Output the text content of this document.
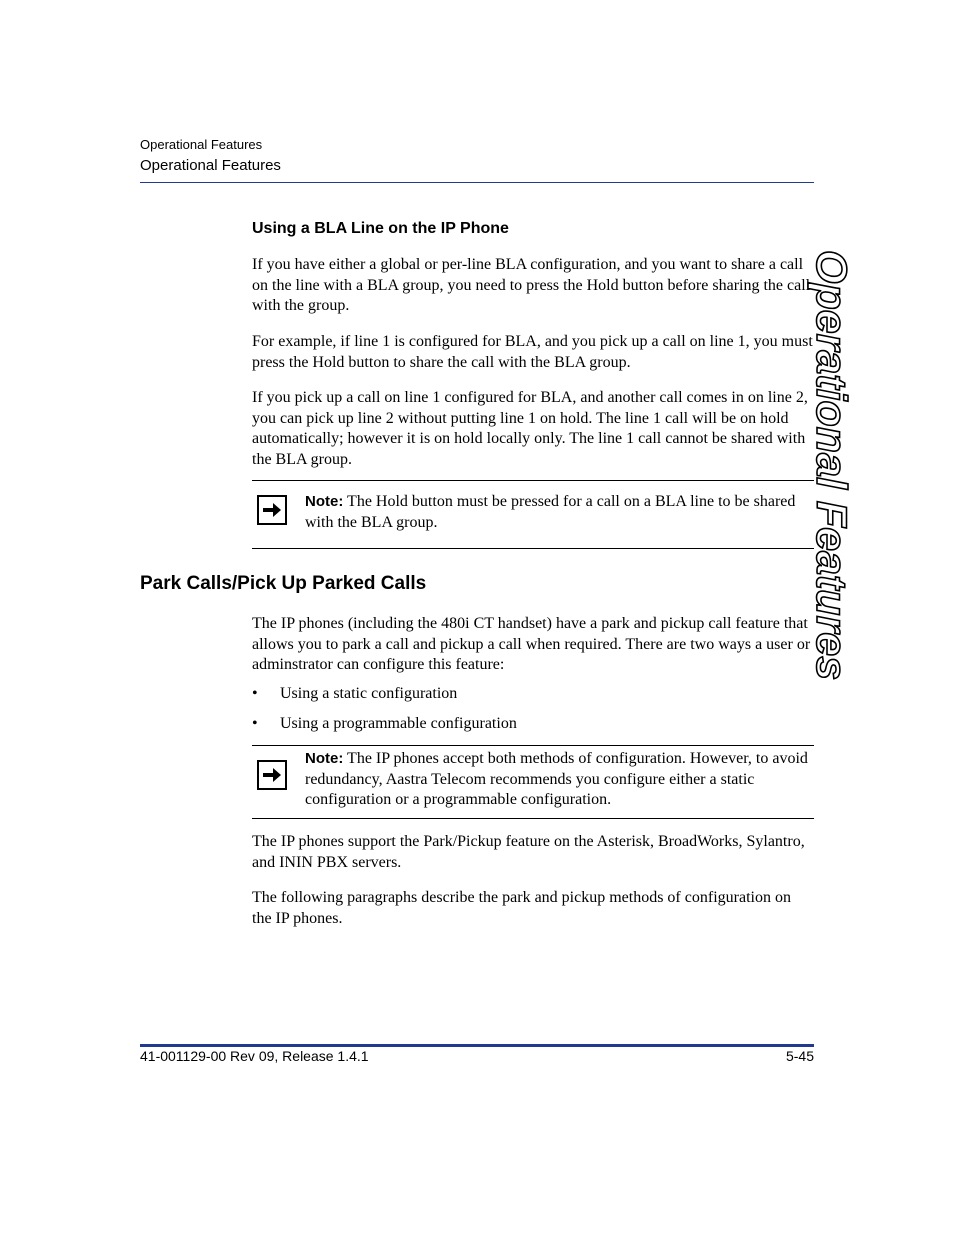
Operational Features
Operational Features
Operational Features
Using a BLA Line on the IP Phone

If you have either a global or per-line BLA configuration, and you want to share a call on the line with a BLA group, you need to press the Hold button before sharing the call with the group.

For example, if line 1 is configured for BLA, and you pick up a call on line 1, you must press the Hold button to share the call with the BLA group.

If you pick up a call on line 1 configured for BLA, and another call comes in on line 2, you can pick up line 2 without putting line 1 on hold. The line 1 call will be on hold automatically; however it is on hold locally only. The line 1 call cannot be shared with the BLA group.

Note: The Hold button must be pressed for a call on a BLA line to be shared with the BLA group.

Park Calls/Pick Up Parked Calls

The IP phones (including the 480i CT handset) have a park and pickup call feature that allows you to park a call and pickup a call when required. There are two ways a user or adminstrator can configure this feature:

• Using a static configuration
• Using a programmable configuration

Note: The IP phones accept both methods of configuration. However, to avoid redundancy, Aastra Telecom recommends you configure either a static configuration or a programmable configuration.

The IP phones support the Park/Pickup feature on the Asterisk, BroadWorks, Sylantro, and ININ PBX servers.

The following paragraphs describe the park and pickup methods of configuration on the IP phones.

41-001129-00 Rev 09, Release 1.4.1	5-45
